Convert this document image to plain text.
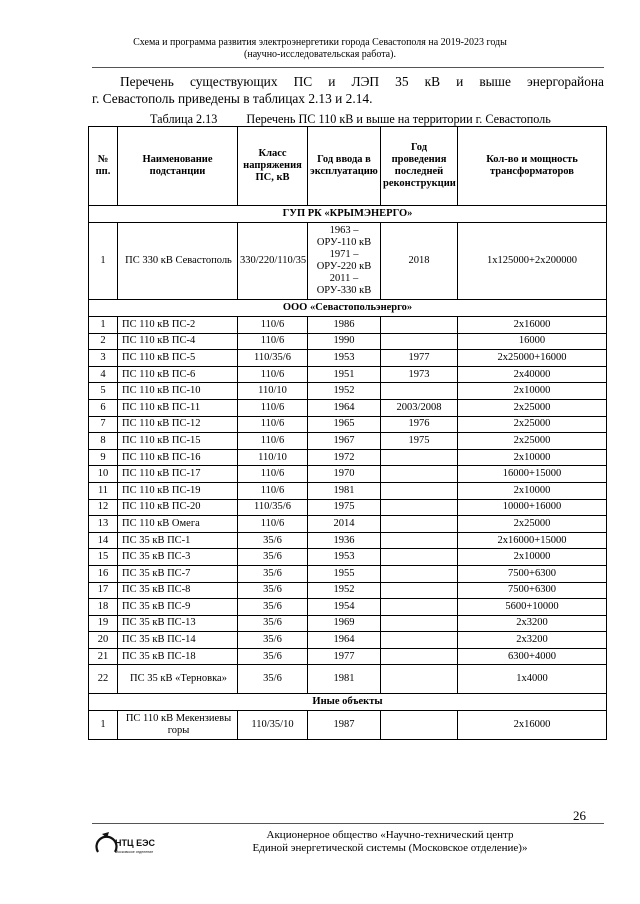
Схема и программа развития электроэнергетики города Севастополя на 2019-2023 годы
(научно-исследовательская работа).
Перечень существующих ПС и ЛЭП 35 кВ и выше энергорайона
г. Севастополь приведены в таблицах 2.13 и 2.14.
Таблица 2.13 Перечень ПС 110 кВ и выше на территории г. Севастополь
№ пп.	Наименование подстанции	Класс напряжения ПС, кВ	Год ввода в эксплуатацию	Год проведения последней реконструкции	Кол-во и мощность трансформаторов
ГУП РК «КРЫМЭНЕРГО»					
1	ПС 330 кВ Севастополь	330/220/110/35	1963 – ОРУ-110 кВ 1971 – ОРУ-220 кВ 2011 – ОРУ-330 кВ	2018	1х125000+2х200000
ООО «Севастопольэнерго»					
1	ПС 110 кВ ПС-2	110/6	1986		2х16000
2	ПС 110 кВ ПС-4	110/6	1990		16000
3	ПС 110 кВ ПС-5	110/35/6	1953	1977	2х25000+16000
4	ПС 110 кВ ПС-6	110/6	1951	1973	2х40000
5	ПС 110 кВ ПС-10	110/10	1952		2х10000
6	ПС 110 кВ ПС-11	110/6	1964	2003/2008	2х25000
7	ПС 110 кВ ПС-12	110/6	1965	1976	2х25000
8	ПС 110 кВ ПС-15	110/6	1967	1975	2х25000
9	ПС 110 кВ ПС-16	110/10	1972		2х10000
10	ПС 110 кВ ПС-17	110/6	1970		16000+15000
11	ПС 110 кВ ПС-19	110/6	1981		2х10000
12	ПС 110 кВ ПС-20	110/35/6	1975		10000+16000
13	ПС 110 кВ Омега	110/6	2014		2х25000
14	ПС 35 кВ ПС-1	35/6	1936		2х16000+15000
15	ПС 35 кВ ПС-3	35/6	1953		2х10000
16	ПС 35 кВ ПС-7	35/6	1955		7500+6300
17	ПС 35 кВ ПС-8	35/6	1952		7500+6300
18	ПС 35 кВ ПС-9	35/6	1954		5600+10000
19	ПС 35 кВ ПС-13	35/6	1969		2х3200
20	ПС 35 кВ ПС-14	35/6	1964		2х3200
21	ПС 35 кВ ПС-18	35/6	1977		6300+4000
22	ПС 35 кВ «Терновка»	35/6	1981		1х4000
Иные объекты					
1	ПС 110 кВ Мекензиевы горы	110/35/10	1987		2х16000
26
НТЦ ЕЭС
Московское отделение
Акционерное общество «Научно-технический центр
Единой энергетической системы (Московское отделение)»
